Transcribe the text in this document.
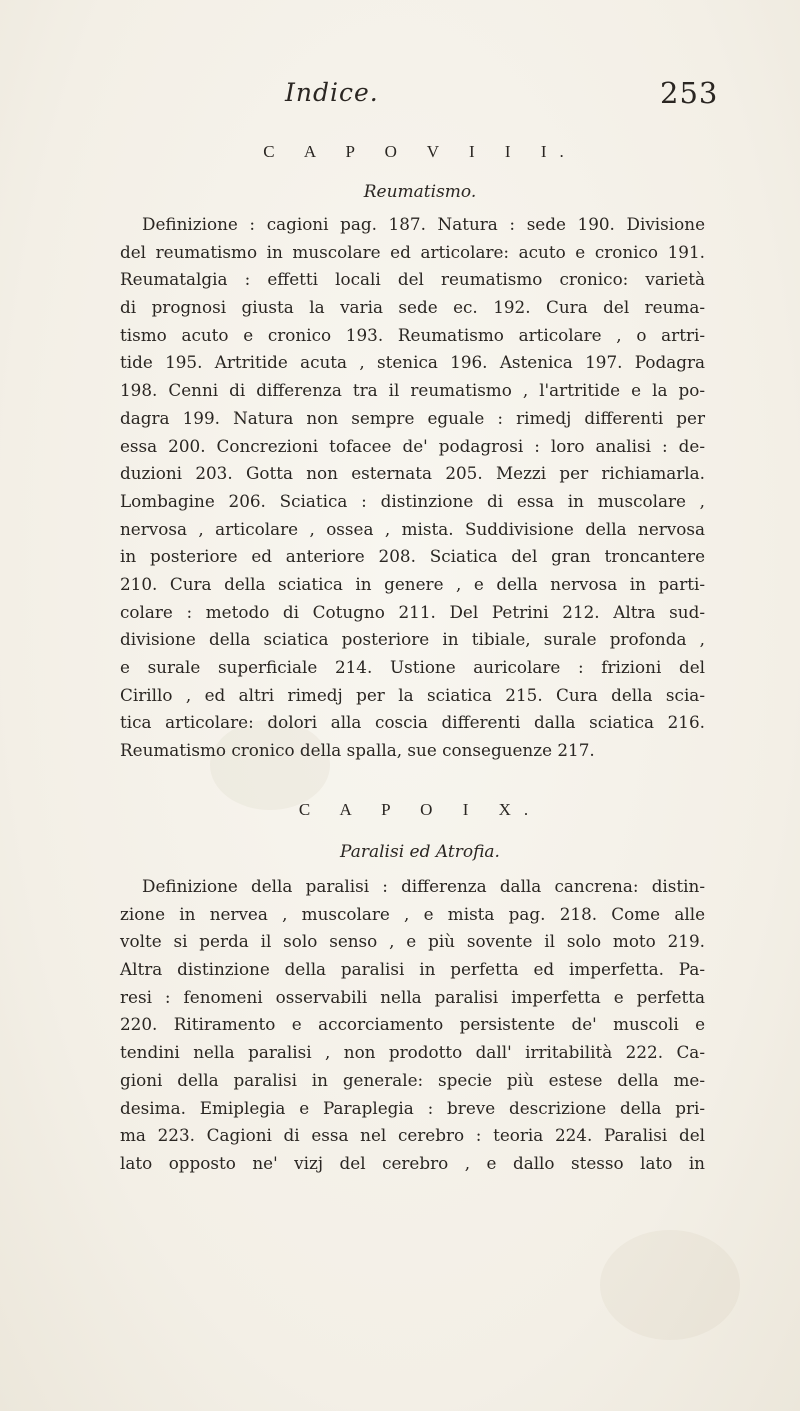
Indice.	253
C A P O V I I I.
Reumatismo.
Definizione : cagioni pag. 187. Natura : sede 190. Divisione
del reumatismo in muscolare ed articolare: acuto e cronico 191.
Reumatalgia : effetti locali del reumatismo cronico: varietà
di prognosi giusta la varia sede ec. 192. Cura del reuma-
tismo acuto e cronico 193. Reumatismo articolare , o artri-
tide 195. Artritide acuta , stenica 196. Astenica 197. Podagra
198. Cenni di differenza tra il reumatismo , l'artritide e la po-
dagra 199. Natura non sempre eguale : rimedj differenti per
essa 200. Concrezioni tofacee de' podagrosi : loro analisi : de-
duzioni 203. Gotta non esternata 205. Mezzi per richiamarla.
Lombagine 206. Sciatica : distinzione di essa in muscolare ,
nervosa , articolare , ossea , mista. Suddivisione della nervosa
in posteriore ed anteriore 208. Sciatica del gran troncantere
210. Cura della sciatica in genere , e della nervosa in parti-
colare : metodo di Cotugno 211. Del Petrini 212. Altra sud-
divisione della sciatica posteriore in tibiale, surale profonda ,
e surale superficiale 214. Ustione auricolare : frizioni del
Cirillo , ed altri rimedj per la sciatica 215. Cura della scia-
tica articolare: dolori alla coscia differenti dalla sciatica 216.
Reumatismo cronico della spalla, sue conseguenze 217.
C A P O I X.
Paralisi ed Atrofia.
Definizione della paralisi : differenza dalla cancrena: distin-
zione in nervea , muscolare , e mista pag. 218. Come alle
volte si perda il solo senso , e più sovente il solo moto 219.
Altra distinzione della paralisi in perfetta ed imperfetta. Pa-
resi : fenomeni osservabili nella paralisi imperfetta e perfetta
220. Ritiramento e accorciamento persistente de' muscoli e
tendini nella paralisi , non prodotto dall' irritabilità 222. Ca-
gioni della paralisi in generale: specie più estese della me-
desima. Emiplegia e Paraplegia : breve descrizione della pri-
ma 223. Cagioni di essa nel cerebro : teoria 224. Paralisi del
lato opposto ne' vizj del cerebro , e dallo stesso lato in
